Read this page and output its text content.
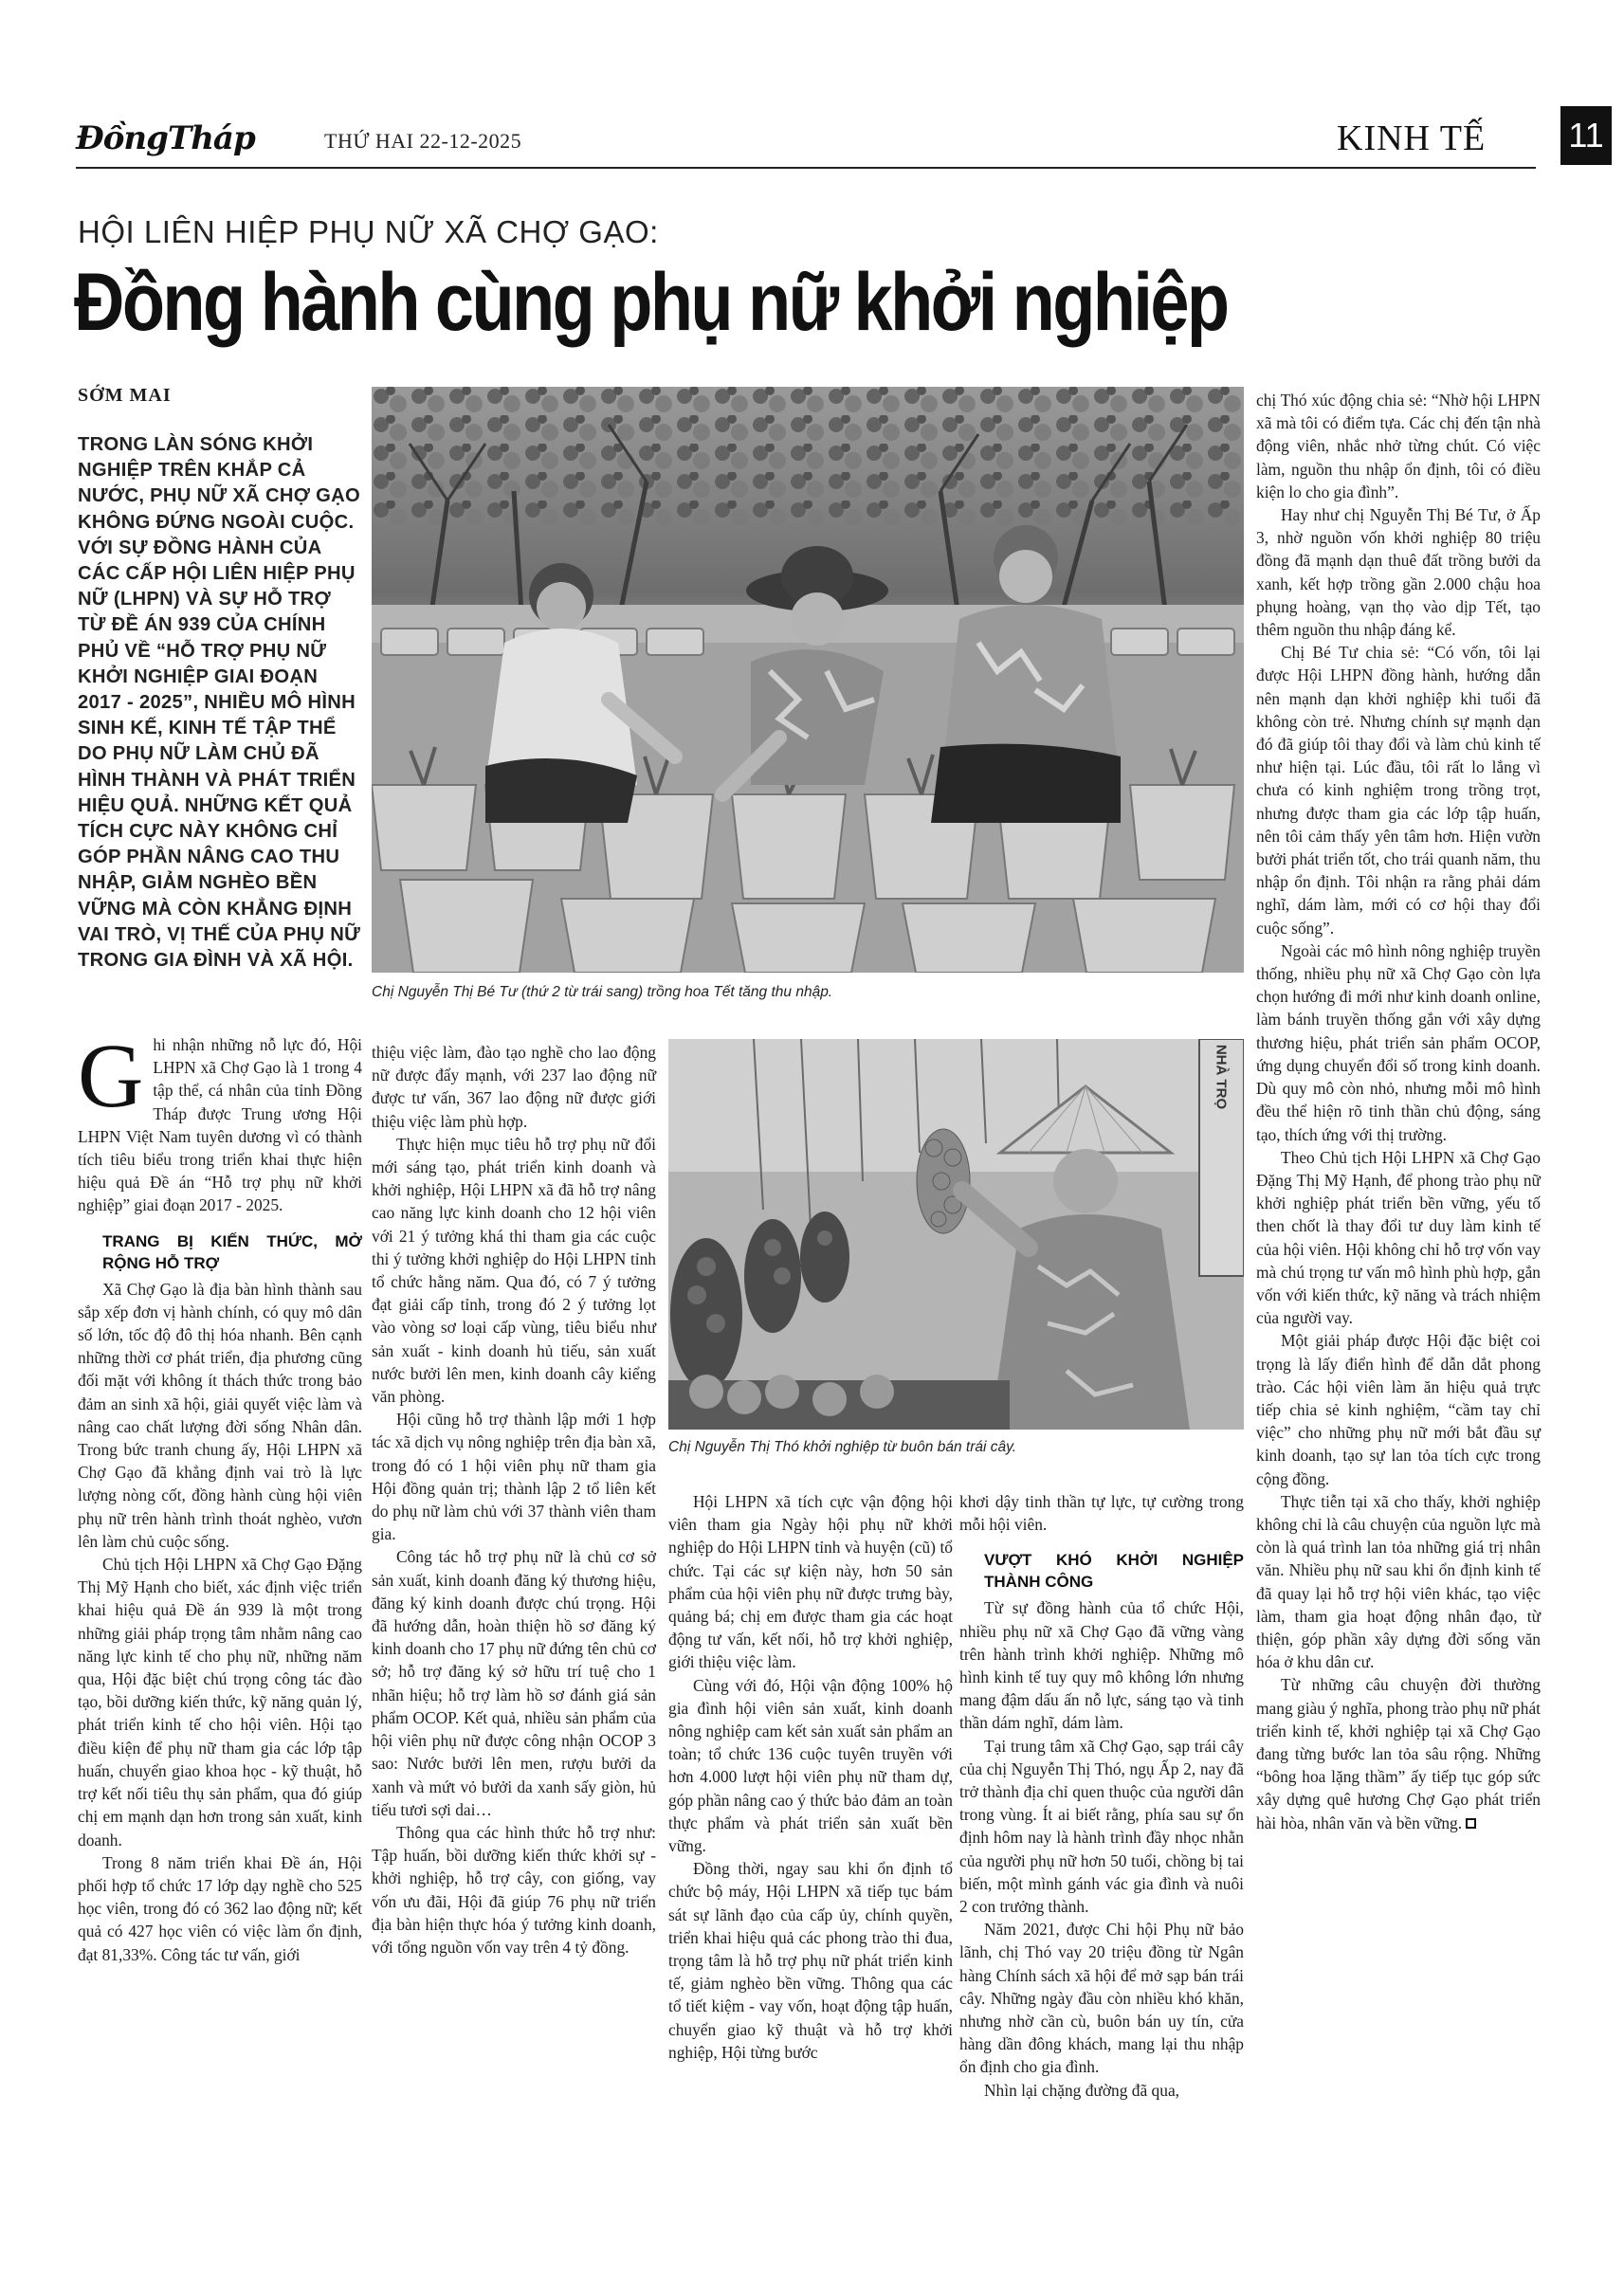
ĐồngTháp	THỨ HAI 22-12-2025	KINH TẾ 11
HỘI LIÊN HIỆP PHỤ NỮ XÃ CHỢ GẠO:
Đồng hành cùng phụ nữ khởi nghiệp
SỚM MAI
TRONG LÀN SÓNG KHỞI NGHIỆP TRÊN KHẮP CẢ NƯỚC, PHỤ NỮ XÃ CHỢ GẠO KHÔNG ĐỨNG NGOÀI CUỘC. VỚI SỰ ĐỒNG HÀNH CỦA CÁC CẤP HỘI LIÊN HIỆP PHỤ NỮ (LHPN) VÀ SỰ HỖ TRỢ TỪ ĐỀ ÁN 939 CỦA CHÍNH PHỦ VỀ “HỖ TRỢ PHỤ NỮ KHỞI NGHIỆP GIAI ĐOẠN 2017 - 2025”, NHIỀU MÔ HÌNH SINH KẾ, KINH TẾ TẬP THỂ DO PHỤ NỮ LÀM CHỦ ĐÃ HÌNH THÀNH VÀ PHÁT TRIỂN HIỆU QUẢ. NHỮNG KẾT QUẢ TÍCH CỰC NÀY KHÔNG CHỈ GÓP PHẦN NÂNG CAO THU NHẬP, GIẢM NGHÈO BỀN VỮNG MÀ CÒN KHẲNG ĐỊNH VAI TRÒ, VỊ THẾ CỦA PHỤ NỮ TRONG GIA ĐÌNH VÀ XÃ HỘI.
Chị Nguyễn Thị Bé Tư (thứ 2 từ trái sang) trồng hoa Tết tăng thu nhập.
NHÀ TRỌ
Chị Nguyễn Thị Thó khởi nghiệp từ buôn bán trái cây.

Ghi nhận những nỗ lực đó, Hội LHPN xã Chợ Gạo là 1 trong 4 tập thể, cá nhân của tỉnh Đồng Tháp được Trung ương Hội LHPN Việt Nam tuyên dương vì có thành tích tiêu biểu trong triển khai thực hiện hiệu quả Đề án “Hỗ trợ phụ nữ khởi nghiệp” giai đoạn 2017 - 2025.

TRANG BỊ KIẾN THỨC, MỞ RỘNG HỖ TRỢ

Xã Chợ Gạo là địa bàn hình thành sau sắp xếp đơn vị hành chính, có quy mô dân số lớn, tốc độ đô thị hóa nhanh. Bên cạnh những thời cơ phát triển, địa phương cũng đối mặt với không ít thách thức trong bảo đảm an sinh xã hội, giải quyết việc làm và nâng cao chất lượng đời sống Nhân dân. Trong bức tranh chung ấy, Hội LHPN xã Chợ Gạo đã khẳng định vai trò là lực lượng nòng cốt, đồng hành cùng hội viên phụ nữ trên hành trình thoát nghèo, vươn lên làm chủ cuộc sống.

Chủ tịch Hội LHPN xã Chợ Gạo Đặng Thị Mỹ Hạnh cho biết, xác định việc triển khai hiệu quả Đề án 939 là một trong những giải pháp trọng tâm nhằm nâng cao năng lực kinh tế cho phụ nữ, những năm qua, Hội đặc biệt chú trọng công tác đào tạo, bồi dưỡng kiến thức, kỹ năng quản lý, phát triển kinh tế cho hội viên. Hội tạo điều kiện để phụ nữ tham gia các lớp tập huấn, chuyển giao khoa học - kỹ thuật, hỗ trợ kết nối tiêu thụ sản phẩm, qua đó giúp chị em mạnh dạn hơn trong sản xuất, kinh doanh.

Trong 8 năm triển khai Đề án, Hội phối hợp tổ chức 17 lớp dạy nghề cho 525 học viên, trong đó có 362 lao động nữ; kết quả có 427 học viên có việc làm ổn định, đạt 81,33%. Công tác tư vấn, giới

thiệu việc làm, đào tạo nghề cho lao động nữ được đẩy mạnh, với 237 lao động nữ được tư vấn, 367 lao động nữ được giới thiệu việc làm phù hợp.

Thực hiện mục tiêu hỗ trợ phụ nữ đổi mới sáng tạo, phát triển kinh doanh và khởi nghiệp, Hội LHPN xã đã hỗ trợ nâng cao năng lực kinh doanh cho 12 hội viên với 21 ý tưởng khá thi tham gia các cuộc thi ý tưởng khởi nghiệp do Hội LHPN tỉnh tổ chức hằng năm. Qua đó, có 7 ý tưởng đạt giải cấp tỉnh, trong đó 2 ý tưởng lọt vào vòng sơ loại cấp vùng, tiêu biểu như sản xuất - kinh doanh hủ tiếu, sản xuất nước bưởi lên men, kinh doanh cây kiểng văn phòng.

Hội cũng hỗ trợ thành lập mới 1 hợp tác xã dịch vụ nông nghiệp trên địa bàn xã, trong đó có 1 hội viên phụ nữ tham gia Hội đồng quản trị; thành lập 2 tổ liên kết do phụ nữ làm chủ với 37 thành viên tham gia.

Công tác hỗ trợ phụ nữ là chủ cơ sở sản xuất, kinh doanh đăng ký thương hiệu, đăng ký kinh doanh được chú trọng. Hội đã hướng dẫn, hoàn thiện hồ sơ đăng ký kinh doanh cho 17 phụ nữ đứng tên chủ cơ sở; hỗ trợ đăng ký sở hữu trí tuệ cho 1 nhãn hiệu; hỗ trợ làm hồ sơ đánh giá sản phẩm OCOP. Kết quả, nhiều sản phẩm của hội viên phụ nữ được công nhận OCOP 3 sao: Nước bưởi lên men, rượu bưởi da xanh và mứt vỏ bưởi da xanh sấy giòn, hủ tiếu tươi sợi dai…

Thông qua các hình thức hỗ trợ như: Tập huấn, bồi dưỡng kiến thức khởi sự - khởi nghiệp, hỗ trợ cây, con giống, vay vốn ưu đãi, Hội đã giúp 76 phụ nữ triển địa bàn hiện thực hóa ý tưởng kinh doanh, với tổng nguồn vốn vay trên 4 tỷ đồng.

Hội LHPN xã tích cực vận động hội viên tham gia Ngày hội phụ nữ khởi nghiệp do Hội LHPN tỉnh và huyện (cũ) tổ chức. Tại các sự kiện này, hơn 50 sản phẩm của hội viên phụ nữ được trưng bày, quảng bá; chị em được tham gia các hoạt động tư vấn, kết nối, hỗ trợ khởi nghiệp, giới thiệu việc làm.

Cùng với đó, Hội vận động 100% hộ gia đình hội viên sản xuất, kinh doanh nông nghiệp cam kết sản xuất sản phẩm an toàn; tổ chức 136 cuộc tuyên truyền với hơn 4.000 lượt hội viên phụ nữ tham dự, góp phần nâng cao ý thức bảo đảm an toàn thực phẩm và phát triển sản xuất bền vững.

Đồng thời, ngay sau khi ổn định tổ chức bộ máy, Hội LHPN xã tiếp tục bám sát sự lãnh đạo của cấp ủy, chính quyền, triển khai hiệu quả các phong trào thi đua, trọng tâm là hỗ trợ phụ nữ phát triển kinh tế, giảm nghèo bền vững. Thông qua các tổ tiết kiệm - vay vốn, hoạt động tập huấn, chuyển giao kỹ thuật và hỗ trợ khởi nghiệp, Hội từng bước

khơi dậy tinh thần tự lực, tự cường trong mỗi hội viên.

VƯỢT KHÓ KHỞI NGHIỆP THÀNH CÔNG

Từ sự đồng hành của tổ chức Hội, nhiều phụ nữ xã Chợ Gạo đã vững vàng trên hành trình khởi nghiệp. Những mô hình kinh tế tuy quy mô không lớn nhưng mang đậm dấu ấn nỗ lực, sáng tạo và tinh thần dám nghĩ, dám làm.

Tại trung tâm xã Chợ Gạo, sạp trái cây của chị Nguyễn Thị Thó, ngụ Ấp 2, nay đã trở thành địa chỉ quen thuộc của người dân trong vùng. Ít ai biết rằng, phía sau sự ổn định hôm nay là hành trình đầy nhọc nhằn của người phụ nữ hơn 50 tuổi, chồng bị tai biến, một mình gánh vác gia đình và nuôi 2 con trưởng thành.

Năm 2021, được Chi hội Phụ nữ bảo lãnh, chị Thó vay 20 triệu đồng từ Ngân hàng Chính sách xã hội để mở sạp bán trái cây. Những ngày đầu còn nhiều khó khăn, nhưng nhờ cần cù, buôn bán uy tín, cửa hàng dần đông khách, mang lại thu nhập ổn định cho gia đình.

Nhìn lại chặng đường đã qua,

chị Thó xúc động chia sẻ: “Nhờ hội LHPN xã mà tôi có điểm tựa. Các chị đến tận nhà động viên, nhắc nhở từng chút. Có việc làm, nguồn thu nhập ổn định, tôi có điều kiện lo cho gia đình”.

Hay như chị Nguyễn Thị Bé Tư, ở Ấp 3, nhờ nguồn vốn khởi nghiệp 80 triệu đồng đã mạnh dạn thuê đất trồng bưởi da xanh, kết hợp trồng gần 2.000 chậu hoa phụng hoàng, vạn thọ vào dịp Tết, tạo thêm nguồn thu nhập đáng kể.

Chị Bé Tư chia sẻ: “Có vốn, tôi lại được Hội LHPN đồng hành, hướng dẫn nên mạnh dạn khởi nghiệp khi tuổi đã không còn trẻ. Nhưng chính sự mạnh dạn đó đã giúp tôi thay đổi và làm chủ kinh tế như hiện tại. Lúc đầu, tôi rất lo lắng vì chưa có kinh nghiệm trong trồng trọt, nhưng được tham gia các lớp tập huấn, nên tôi cảm thấy yên tâm hơn. Hiện vườn bưởi phát triển tốt, cho trái quanh năm, thu nhập ổn định. Tôi nhận ra rằng phải dám nghĩ, dám làm, mới có cơ hội thay đổi cuộc sống”.

Ngoài các mô hình nông nghiệp truyền thống, nhiều phụ nữ xã Chợ Gạo còn lựa chọn hướng đi mới như kinh doanh online, làm bánh truyền thống gắn với xây dựng thương hiệu, phát triển sản phẩm OCOP, ứng dụng chuyển đổi số trong kinh doanh. Dù quy mô còn nhỏ, nhưng mỗi mô hình đều thể hiện rõ tinh thần chủ động, sáng tạo, thích ứng với thị trường.

Theo Chủ tịch Hội LHPN xã Chợ Gạo Đặng Thị Mỹ Hạnh, để phong trào phụ nữ khởi nghiệp phát triển bền vững, yếu tố then chốt là thay đổi tư duy làm kinh tế của hội viên. Hội không chỉ hỗ trợ vốn vay mà chú trọng tư vấn mô hình phù hợp, gắn vốn với kiến thức, kỹ năng và trách nhiệm của người vay.

Một giải pháp được Hội đặc biệt coi trọng là lấy điển hình để dẫn dắt phong trào. Các hội viên làm ăn hiệu quả trực tiếp chia sẻ kinh nghiệm, “cầm tay chỉ việc” cho những phụ nữ mới bắt đầu sự kinh doanh, tạo sự lan tỏa tích cực trong cộng đồng.

Thực tiễn tại xã cho thấy, khởi nghiệp không chỉ là câu chuyện của nguồn lực mà còn là quá trình lan tỏa những giá trị nhân văn. Nhiều phụ nữ sau khi ổn định kinh tế đã quay lại hỗ trợ hội viên khác, tạo việc làm, tham gia hoạt động nhân đạo, từ thiện, góp phần xây dựng đời sống văn hóa ở khu dân cư.

Từ những câu chuyện đời thường mang giàu ý nghĩa, phong trào phụ nữ phát triển kinh tế, khởi nghiệp tại xã Chợ Gạo đang từng bước lan tỏa sâu rộng. Những “bông hoa lặng thầm” ấy tiếp tục góp sức xây dựng quê hương Chợ Gạo phát triển hài hòa, nhân văn và bền vững.
